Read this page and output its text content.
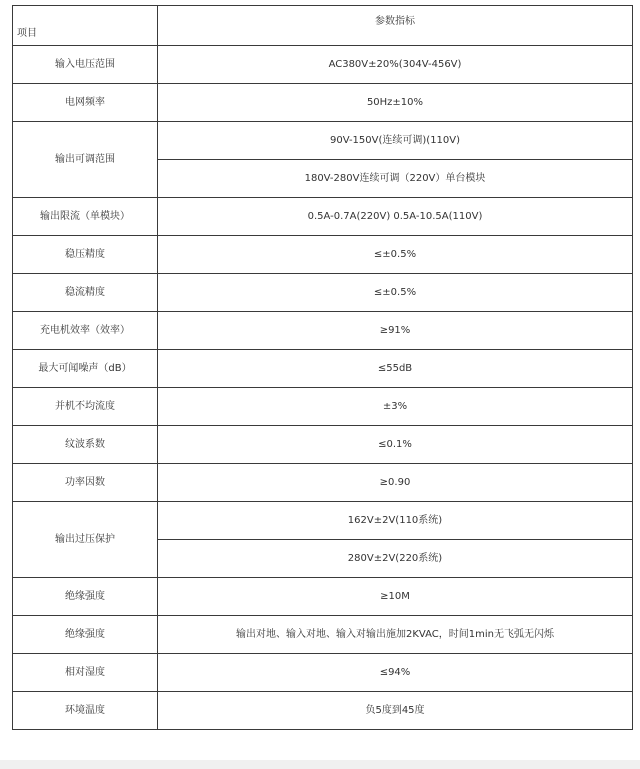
项目	参数指标
输入电压范围	AC380V±20%(304V-456V)
电网频率	50Hz±10%
输出可调范围	90V-150V(连续可调)(110V)
	180V-280V连续可调（220V）单台模块
输出限流（单模块）	0.5A-0.7A(220V) 0.5A-10.5A(110V)
稳压精度	≤±0.5%
稳流精度	≤±0.5%
充电机效率（效率）	≥91%
最大可闻噪声（dB）	≤55dB
并机不均流度	±3%
纹波系数	≤0.1%
功率因数	≥0.90
输出过压保护	162V±2V(110系统)
	280V±2V(220系统)
绝缘强度	≥10M
绝缘强度	输出对地、输入对地、输入对输出施加2KVAC，时间1min无飞弧无闪烁
相对湿度	≤94%
环境温度	负5度到45度
